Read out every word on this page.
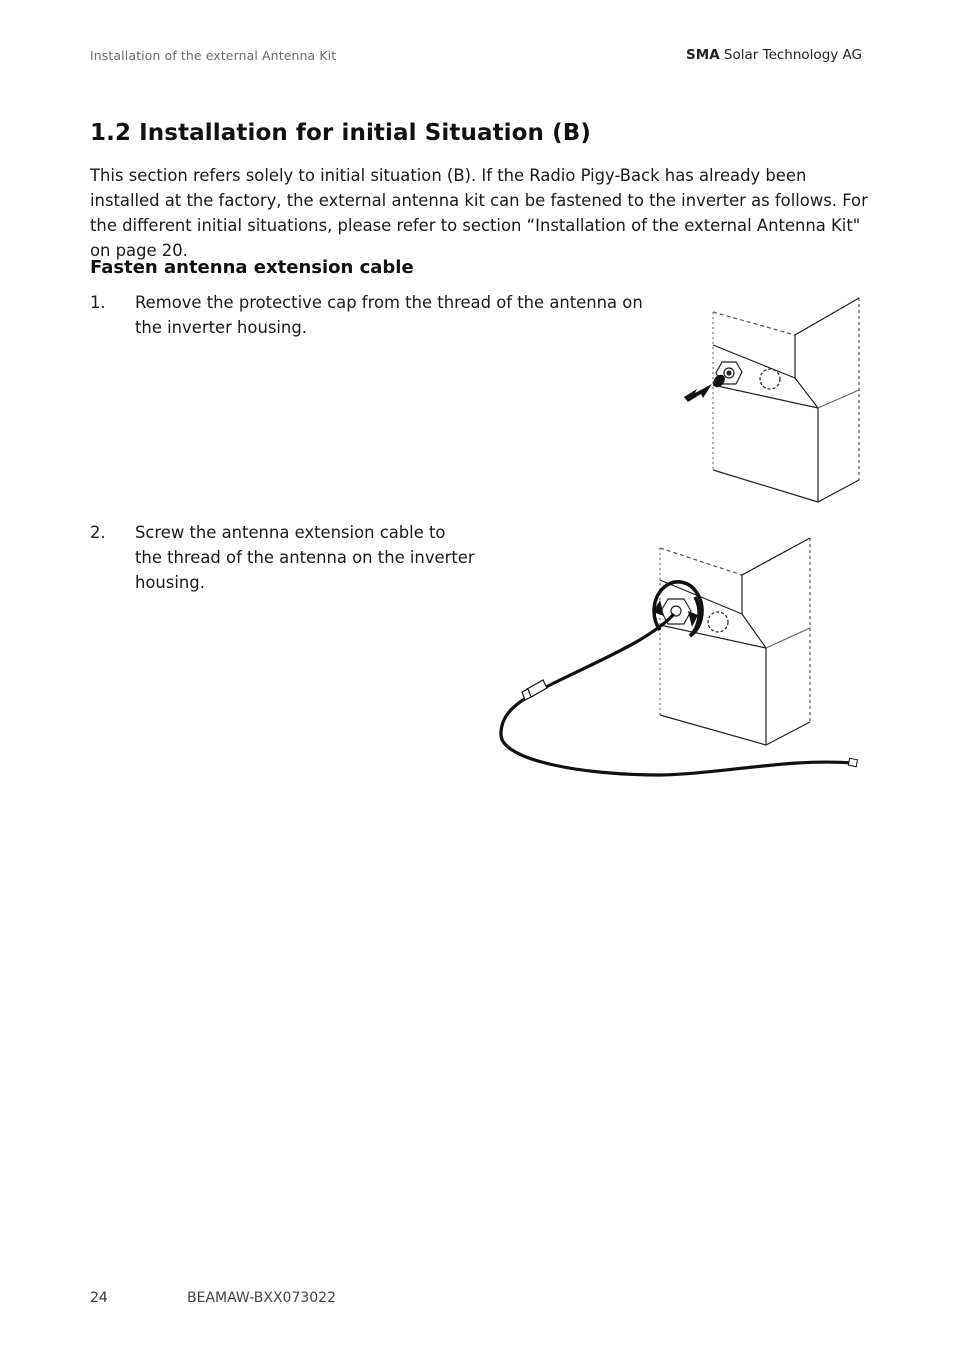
Installation of the external Antenna Kit	SMA Solar Technology AG
1.2 Installation for initial Situation (B)

This section refers solely to initial situation (B). If the Radio Pigy-Back has already been installed at the factory, the external antenna kit can be fastened to the inverter as follows. For the different initial situations, please refer to section “Installation of the external Antenna Kit" on page 20.

Fasten antenna extension cable
1. Remove the protective cap from the thread of the antenna on the inverter housing.
2. Screw the antenna extension cable to the thread of the antenna on the inverter housing.
24	BEAMAW-BXX073022
